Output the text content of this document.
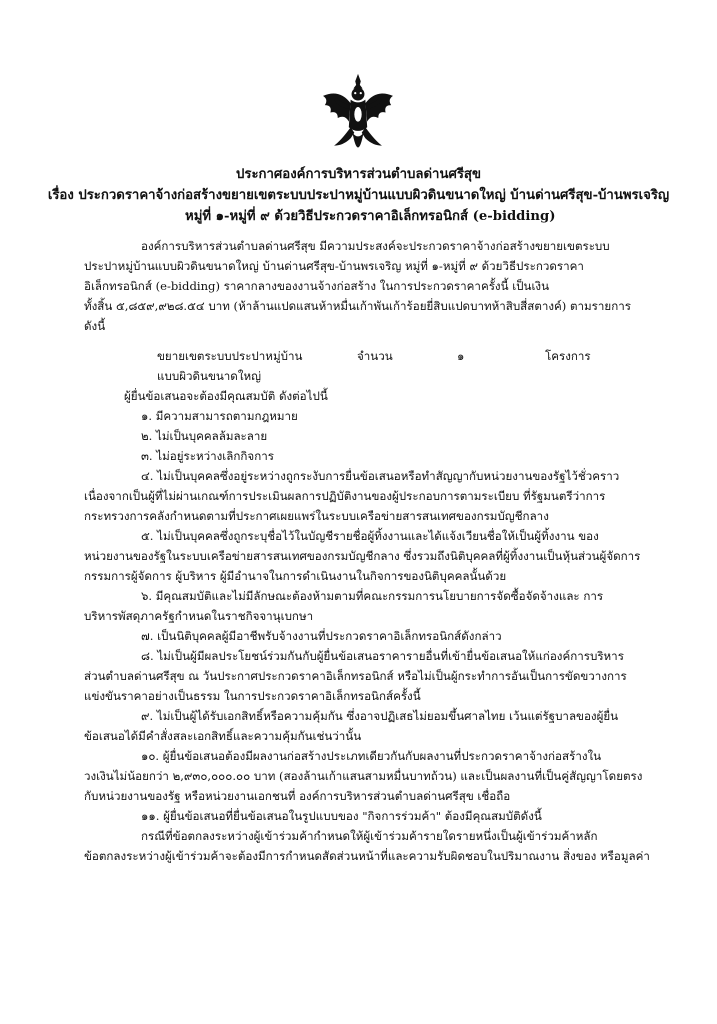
ประกาศองค์การบริหารส่วนตำบลด่านศรีสุข
เรื่อง ประกวดราคาจ้างก่อสร้างขยายเขตระบบประปาหมู่บ้านแบบผิวดินขนาดใหญ่ บ้านด่านศรีสุข-บ้านพรเจริญ
หมู่ที่ ๑-หมู่ที่ ๙ ด้วยวิธีประกวดราคาอิเล็กทรอนิกส์ (e-bidding)

องค์การบริหารส่วนตำบลด่านศรีสุข มีความประสงค์จะประกวดราคาจ้างก่อสร้างขยายเขตระบบ

ประปาหมู่บ้านแบบผิวดินขนาดใหญ่ บ้านด่านศรีสุข-บ้านพรเจริญ หมู่ที่ ๑-หมู่ที่ ๙ ด้วยวิธีประกวดราคา

อิเล็กทรอนิกส์ (e-bidding) ราคากลางของงานจ้างก่อสร้าง ในการประกวดราคาครั้งนี้ เป็นเงิน

ทั้งสิ้น ๕,๘๕๙,๙๒๘.๕๔ บาท (ห้าล้านแปดแสนห้าหมื่นเก้าพันเก้าร้อยยี่สิบแปดบาทห้าสิบสี่สตางค์) ตามรายการ

ดังนี้

ขยายเขตระบบประปาหมู่บ้าน	จำนวน	๑	โครงการ

แบบผิวดินขนาดใหญ่

ผู้ยื่นข้อเสนอจะต้องมีคุณสมบัติ ดังต่อไปนี้

๑. มีความสามารถตามกฎหมาย

๒. ไม่เป็นบุคคลล้มละลาย

๓. ไม่อยู่ระหว่างเลิกกิจการ

๔. ไม่เป็นบุคคลซึ่งอยู่ระหว่างถูกระงับการยื่นข้อเสนอหรือทำสัญญากับหน่วยงานของรัฐไว้ชั่วคราว

เนื่องจากเป็นผู้ที่ไม่ผ่านเกณฑ์การประเมินผลการปฏิบัติงานของผู้ประกอบการตามระเบียบ ที่รัฐมนตรีว่าการ

กระทรวงการคลังกำหนดตามที่ประกาศเผยแพร่ในระบบเครือข่ายสารสนเทศของกรมบัญชีกลาง

๕. ไม่เป็นบุคคลซึ่งถูกระบุชื่อไว้ในบัญชีรายชื่อผู้ทิ้งงานและได้แจ้งเวียนชื่อให้เป็นผู้ทิ้งงาน ของ

หน่วยงานของรัฐในระบบเครือข่ายสารสนเทศของกรมบัญชีกลาง ซึ่งรวมถึงนิติบุคคลที่ผู้ทิ้งงานเป็นหุ้นส่วนผู้จัดการ

กรรมการผู้จัดการ ผู้บริหาร ผู้มีอำนาจในการดำเนินงานในกิจการของนิติบุคคลนั้นด้วย

๖. มีคุณสมบัติและไม่มีลักษณะต้องห้ามตามที่คณะกรรมการนโยบายการจัดซื้อจัดจ้างและ การ

บริหารพัสดุภาครัฐกำหนดในราชกิจจานุเบกษา

๗. เป็นนิติบุคคลผู้มีอาชีพรับจ้างงานที่ประกวดราคาอิเล็กทรอนิกส์ดังกล่าว

๘. ไม่เป็นผู้มีผลประโยชน์ร่วมกันกับผู้ยื่นข้อเสนอราคารายอื่นที่เข้ายื่นข้อเสนอให้แก่องค์การบริหาร

ส่วนตำบลด่านศรีสุข ณ วันประกาศประกวดราคาอิเล็กทรอนิกส์ หรือไม่เป็นผู้กระทำการอันเป็นการขัดขวางการ

แข่งขันราคาอย่างเป็นธรรม ในการประกวดราคาอิเล็กทรอนิกส์ครั้งนี้

๙. ไม่เป็นผู้ได้รับเอกสิทธิ์หรือความคุ้มกัน ซึ่งอาจปฏิเสธไม่ยอมขึ้นศาลไทย เว้นแต่รัฐบาลของผู้ยื่น

ข้อเสนอได้มีคำสั่งสละเอกสิทธิ์และความคุ้มกันเช่นว่านั้น

๑๐. ผู้ยื่นข้อเสนอต้องมีผลงานก่อสร้างประเภทเดียวกันกับผลงานที่ประกวดราคาจ้างก่อสร้างใน

วงเงินไม่น้อยกว่า ๒,๙๓๐,๐๐๐.๐๐ บาท (สองล้านเก้าแสนสามหมื่นบาทถ้วน) และเป็นผลงานที่เป็นคู่สัญญาโดยตรง

กับหน่วยงานของรัฐ หรือหน่วยงานเอกชนที่ องค์การบริหารส่วนตำบลด่านศรีสุข เชื่อถือ

๑๑. ผู้ยื่นข้อเสนอที่ยื่นข้อเสนอในรูปแบบของ "กิจการร่วมค้า" ต้องมีคุณสมบัติดังนี้

กรณีที่ข้อตกลงระหว่างผู้เข้าร่วมค้ากำหนดให้ผู้เข้าร่วมค้ารายใดรายหนึ่งเป็นผู้เข้าร่วมค้าหลัก

ข้อตกลงระหว่างผู้เข้าร่วมค้าจะต้องมีการกำหนดสัดส่วนหน้าที่และความรับผิดชอบในปริมาณงาน สิ่งของ หรือมูลค่า
